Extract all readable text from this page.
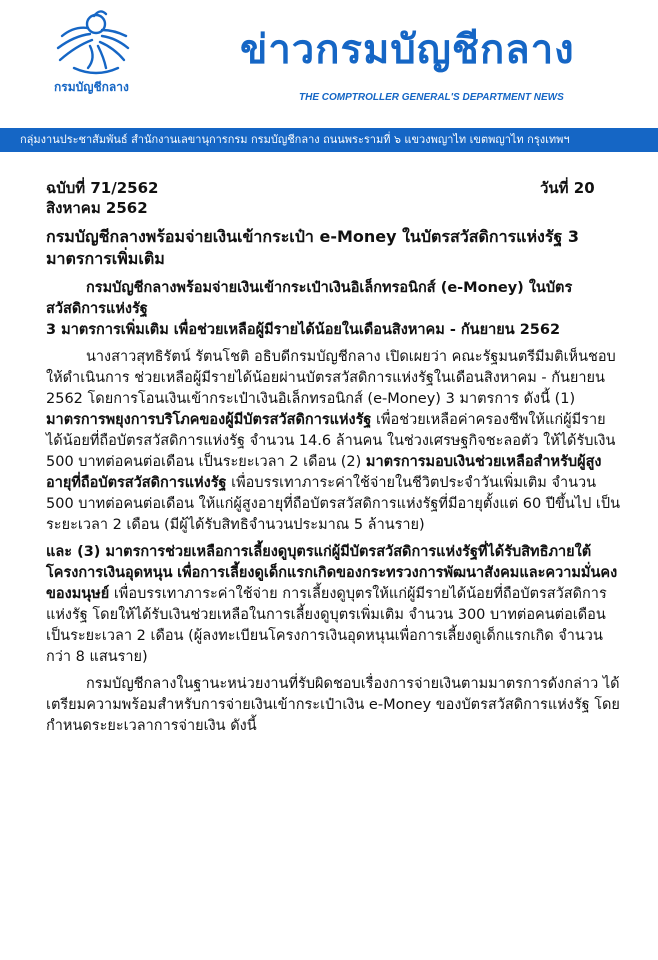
กรมบัญชีกลาง
ข่าวกรมบัญชีกลาง
THE COMPTROLLER GENERAL'S DEPARTMENT NEWS
กลุ่มงานประชาสัมพันธ์ สำนักงานเลขานุการกรม กรมบัญชีกลาง ถนนพระรามที่ ๖ แขวงพญาไท เขตพญาไท กรุงเทพฯ
ฉบับที่ 71/2562
สิงหาคม 2562
วันที่ 20
กรมบัญชีกลางพร้อมจ่ายเงินเข้ากระเป๋า e-Money ในบัตรสวัสดิการแห่งรัฐ 3 มาตรการเพิ่มเติม
กรมบัญชีกลางพร้อมจ่ายเงินเข้ากระเป๋าเงินอิเล็กทรอนิกส์ (e-Money) ในบัตรสวัสดิการแห่งรัฐ
3 มาตรการเพิ่มเติม เพื่อช่วยเหลือผู้มีรายได้น้อยในเดือนสิงหาคม - กันยายน 2562

นางสาวสุทธิรัตน์ รัตนโชติ อธิบดีกรมบัญชีกลาง เปิดเผยว่า คณะรัฐมนตรีมีมติเห็นชอบให้ดำเนินการ ช่วยเหลือผู้มีรายได้น้อยผ่านบัตรสวัสดิการแห่งรัฐในเดือนสิงหาคม - กันยายน 2562 โดยการโอนเงินเข้ากระเป๋าเงินอิเล็กทรอนิกส์ (e-Money) 3 มาตรการ ดังนี้ (1) มาตรการพยุงการบริโภคของผู้มีบัตรสวัสดิการแห่งรัฐ เพื่อช่วยเหลือค่าครองชีพให้แก่ผู้มีรายได้น้อยที่ถือบัตรสวัสดิการแห่งรัฐ จำนวน 14.6 ล้านคน ในช่วงเศรษฐกิจชะลอตัว ให้ได้รับเงิน 500 บาทต่อคนต่อเดือน เป็นระยะเวลา 2 เดือน (2) มาตรการมอบเงินช่วยเหลือสำหรับผู้สูงอายุที่ถือบัตรสวัสดิการแห่งรัฐ เพื่อบรรเทาภาระค่าใช้จ่ายในชีวิตประจำวันเพิ่มเติม จำนวน 500 บาทต่อคนต่อเดือน ให้แก่ผู้สูงอายุที่ถือบัตรสวัสดิการแห่งรัฐที่มีอายุตั้งแต่ 60 ปีขึ้นไป เป็นระยะเวลา 2 เดือน (มีผู้ได้รับสิทธิจำนวนประมาณ 5 ล้านราย)

และ (3) มาตรการช่วยเหลือการเลี้ยงดูบุตรแก่ผู้มีบัตรสวัสดิการแห่งรัฐที่ได้รับสิทธิภายใต้โครงการเงินอุดหนุน เพื่อการเลี้ยงดูเด็กแรกเกิดของกระทรวงการพัฒนาสังคมและความมั่นคงของมนุษย์ เพื่อบรรเทาภาระค่าใช้จ่าย การเลี้ยงดูบุตรให้แก่ผู้มีรายได้น้อยที่ถือบัตรสวัสดิการแห่งรัฐ โดยให้ได้รับเงินช่วยเหลือในการเลี้ยงดูบุตรเพิ่มเติม จำนวน 300 บาทต่อคนต่อเดือน เป็นระยะเวลา 2 เดือน (ผู้ลงทะเบียนโครงการเงินอุดหนุนเพื่อการเลี้ยงดูเด็กแรกเกิด จำนวนกว่า 8 แสนราย)

กรมบัญชีกลางในฐานะหน่วยงานที่รับผิดชอบเรื่องการจ่ายเงินตามมาตรการดังกล่าว ได้เตรียมความพร้อมสำหรับการจ่ายเงินเข้ากระเป๋าเงิน e-Money ของบัตรสวัสดิการแห่งรัฐ โดยกำหนดระยะเวลาการจ่ายเงิน ดังนี้
